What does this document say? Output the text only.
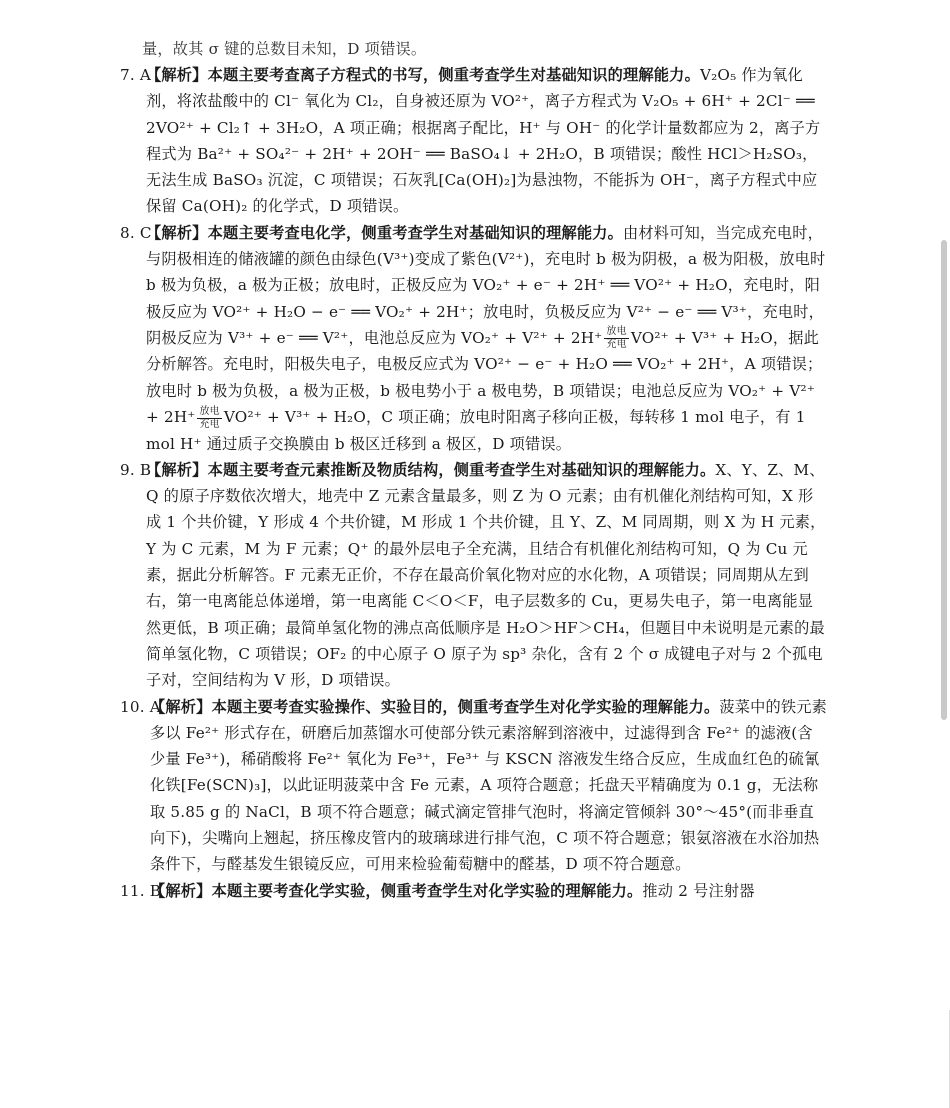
量，故其 σ 键的总数目未知，D 项错误。
7. A
【解析】本题主要考查离子方程式的书写，侧重考查学生对基础知识的理解能力。V₂O₅ 作为氧化剂，将浓盐酸中的 Cl⁻ 氧化为 Cl₂，自身被还原为 VO²⁺，离子方程式为 V₂O₅ + 6H⁺ + 2Cl⁻ ══ 2VO²⁺ + Cl₂↑ + 3H₂O，A 项正确；根据离子配比，H⁺ 与 OH⁻ 的化学计量数都应为 2，离子方程式为 Ba²⁺ + SO₄²⁻ + 2H⁺ + 2OH⁻ ══ BaSO₄↓ + 2H₂O，B 项错误；酸性 HCl＞H₂SO₃，无法生成 BaSO₃ 沉淀，C 项错误；石灰乳[Ca(OH)₂]为悬浊物，不能拆为 OH⁻，离子方程式中应保留 Ca(OH)₂ 的化学式，D 项错误。
8. C
【解析】本题主要考查电化学，侧重考查学生对基础知识的理解能力。由材料可知，当完成充电时，与阴极相连的储液罐的颜色由绿色(V³⁺)变成了紫色(V²⁺)，充电时 b 极为阴极，a 极为阳极，放电时 b 极为负极，a 极为正极；放电时，正极反应为 VO₂⁺ + e⁻ + 2H⁺ ══ VO²⁺ + H₂O，充电时，阳极反应为 VO²⁺ + H₂O − e⁻ ══ VO₂⁺ + 2H⁺；放电时，负极反应为 V²⁺ − e⁻ ══ V³⁺，充电时，阴极反应为 V³⁺ + e⁻ ══ V²⁺，电池总反应为 $VO_2^+ + V^{2+} + 2H^+ \frac{\text{放电}}{\text{充电}} VO^{2+} + V^{3+} + H_2O$，据此分析解答。充电时，阳极失电子，电极反应式为 VO²⁺ − e⁻ + H₂O ══ VO₂⁺ + 2H⁺，A 项错误；放电时 b 极为负极，a 极为正极，b 极电势小于 a 极电势，B 项错误；电池总反应为 $VO_2^+ + V^{2+} + 2H^+ \frac{\text{放电}}{\text{充电}} VO^{2+} + V^{3+} + H_2O$，C 项正确；放电时阳离子移向正极，每转移 1 mol 电子，有 1 mol H⁺ 通过质子交换膜由 b 极区迁移到 a 极区，D 项错误。
9. B
【解析】本题主要考查元素推断及物质结构，侧重考查学生对基础知识的理解能力。X、Y、Z、M、Q 的原子序数依次增大，地壳中 Z 元素含量最多，则 Z 为 O 元素；由有机催化剂结构可知，X 形成 1 个共价键，Y 形成 4 个共价键，M 形成 1 个共价键，且 Y、Z、M 同周期，则 X 为 H 元素，Y 为 C 元素，M 为 F 元素；Q⁺ 的最外层电子全充满，且结合有机催化剂结构可知，Q 为 Cu 元素，据此分析解答。F 元素无正价，不存在最高价氧化物对应的水化物，A 项错误；同周期从左到右，第一电离能总体递增，第一电离能 C＜O＜F，电子层数多的 Cu，更易失电子，第一电离能显然更低，B 项正确；最简单氢化物的沸点高低顺序是 H₂O＞HF＞CH₄，但题目中未说明是元素的最简单氢化物，C 项错误；OF₂ 的中心原子 O 原子为 sp³ 杂化，含有 2 个 σ 成键电子对与 2 个孤电子对，空间结构为 V 形，D 项错误。
10. A
【解析】本题主要考查实验操作、实验目的，侧重考查学生对化学实验的理解能力。菠菜中的铁元素多以 Fe²⁺ 形式存在，研磨后加蒸馏水可使部分铁元素溶解到溶液中，过滤得到含 Fe²⁺ 的滤液(含少量 Fe³⁺)，稀硝酸将 Fe²⁺ 氧化为 Fe³⁺，Fe³⁺ 与 KSCN 溶液发生络合反应，生成血红色的硫氰化铁[Fe(SCN)₃]，以此证明菠菜中含 Fe 元素，A 项符合题意；托盘天平精确度为 0.1 g，无法称取 5.85 g 的 NaCl，B 项不符合题意；碱式滴定管排气泡时，将滴定管倾斜 30°～45°(而非垂直向下)，尖嘴向上翘起，挤压橡皮管内的玻璃球进行排气泡，C 项不符合题意；银氨溶液在水浴加热条件下，与醛基发生银镜反应，可用来检验葡萄糖中的醛基，D 项不符合题意。
11. B
【解析】本题主要考查化学实验，侧重考查学生对化学实验的理解能力。推动 2 号注射器
